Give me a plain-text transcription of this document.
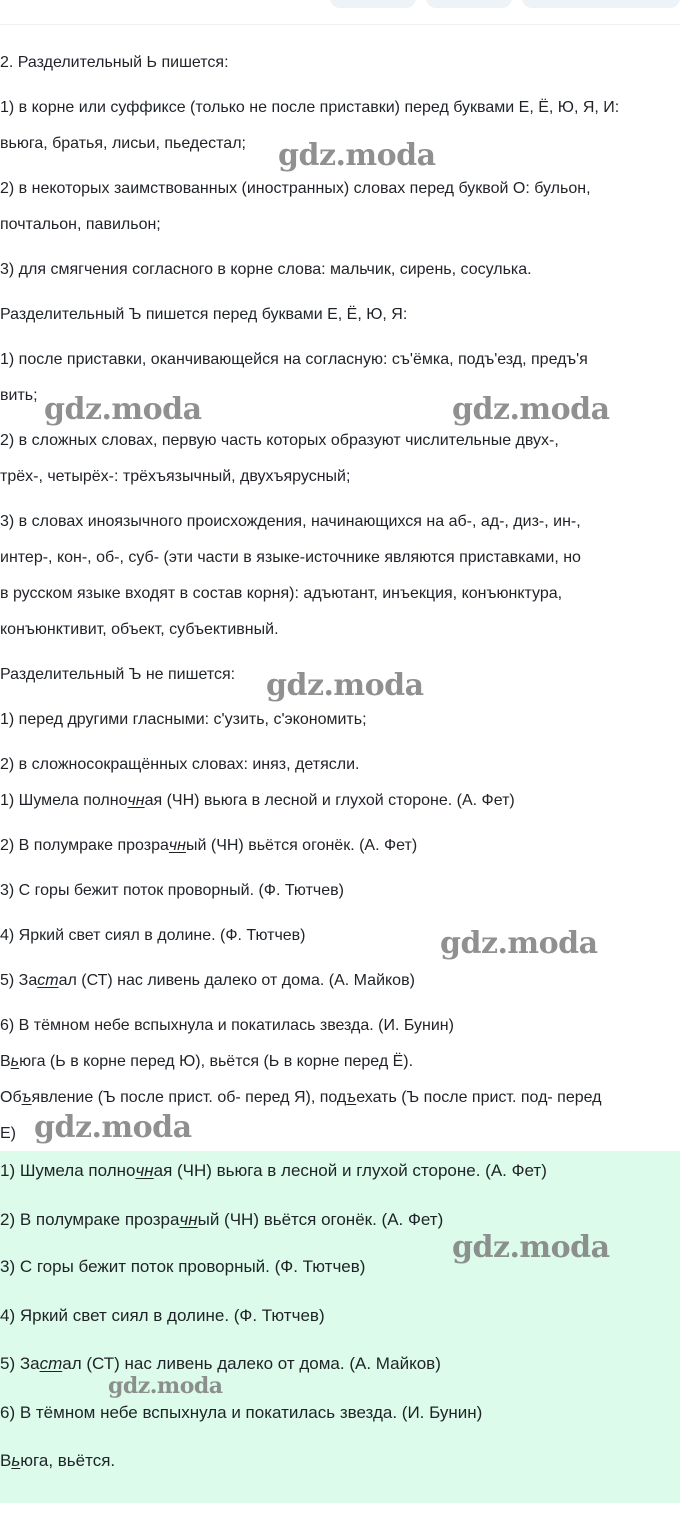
2. Разделительный Ь пишется:
1) в корне или суффиксе (только не после приставки) перед буквами Е, Ё, Ю, Я, И:
вьюга, братья, лисьи, пьедестал;
2) в некоторых заимствованных (иностранных) словах перед буквой О: бульон,
почтальон, павильон;
3) для смягчения согласного в корне слова: мальчик, сирень, сосулька.
Разделительный Ъ пишется перед буквами Е, Ё, Ю, Я:
1) после приставки, оканчивающейся на согласную: съ'ёмка, подъ'езд, предъ'я
вить;
2) в сложных словах, первую часть которых образуют числительные двух-,
трёх-, четырёх-: трёхъязычный, двухъярусный;
3) в словах иноязычного происхождения, начинающихся на аб-, ад-, диз-, ин-,
интер-, кон-, об-, суб- (эти части в языке-источнике являются приставками, но
в русском языке входят в состав корня): адъютант, инъекция, конъюнктура,
конъюнктивит, объект, субъективный.
Разделительный Ъ не пишется:
1) перед другими гласными: с'узить, с'экономить;
2) в сложносокращённых словах: иняз, детясли.
1) Шумела полночная (ЧН) вьюга в лесной и глухой стороне. (А. Фет)
2) В полумраке прозрачный (ЧН) вьётся огонёк. (А. Фет)
3) С горы бежит поток проворный. (Ф. Тютчев)
4) Яркий свет сиял в долине. (Ф. Тютчев)
5) Застал (СТ) нас ливень далеко от дома. (А. Майков)
6) В тёмном небе вспыхнула и покатилась звезда. (И. Бунин)
Вьюга (Ь в корне перед Ю), вьётся (Ь в корне перед Ё).
Объявление (Ъ после прист. об- перед Я), подъехать (Ъ после прист. под- перед
Е)
1) Шумела полночная (ЧН) вьюга в лесной и глухой стороне. (А. Фет)
2) В полумраке прозрачный (ЧН) вьётся огонёк. (А. Фет)
3) С горы бежит поток проворный. (Ф. Тютчев)
4) Яркий свет сиял в долине. (Ф. Тютчев)
5) Застал (СТ) нас ливень далеко от дома. (А. Майков)
6) В тёмном небе вспыхнула и покатилась звезда. (И. Бунин)
Вьюга, вьётся.
gdz.moda
gdz.moda	gdz.moda
gdz.moda
gdz.moda
gdz.moda
gdz.moda
gdz.moda
